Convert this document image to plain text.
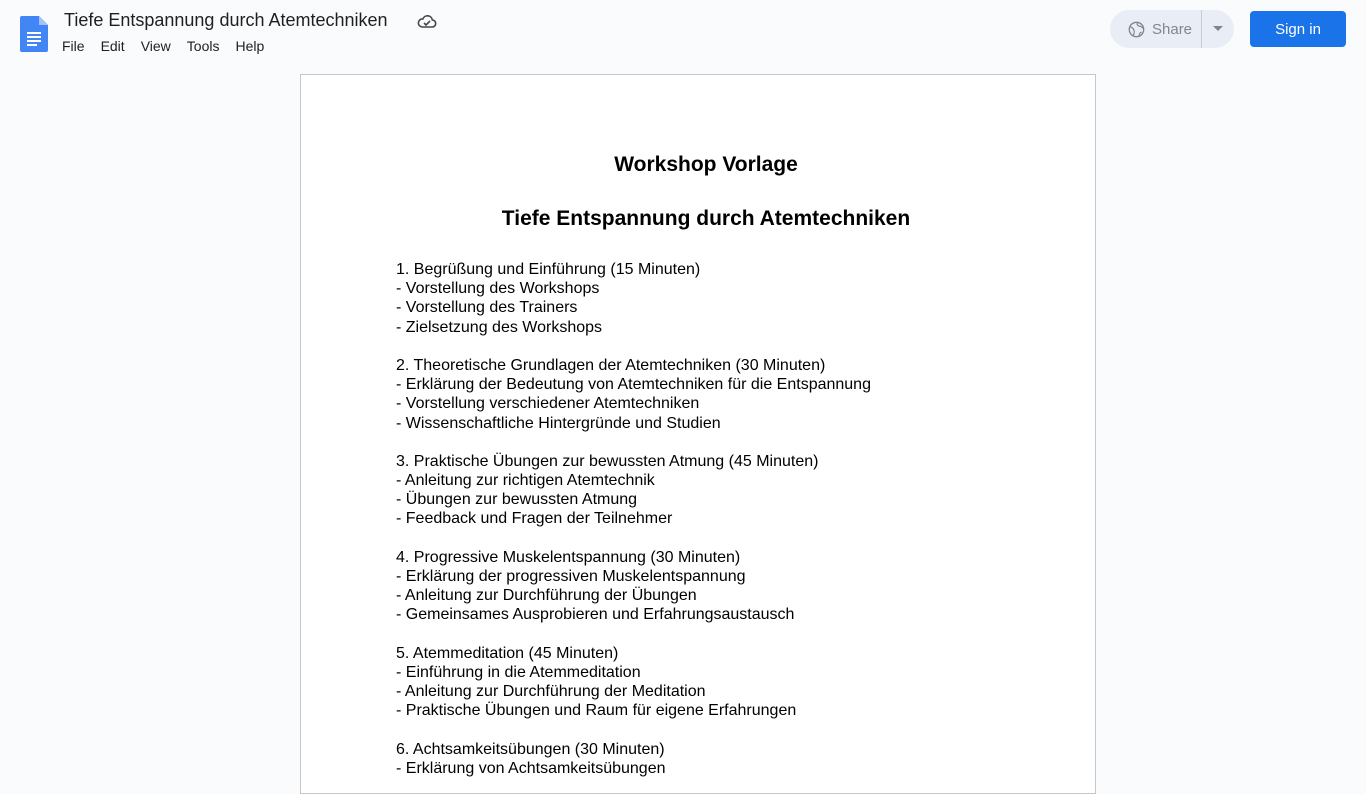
Tiefe Entspannung durch Atemtechniken
File	Edit	View	Tools	Help
Share	Sign in
Workshop Vorlage
Tiefe Entspannung durch Atemtechniken
1. Begrüßung und Einführung (15 Minuten)
- Vorstellung des Workshops
- Vorstellung des Trainers
- Zielsetzung des Workshops
2. Theoretische Grundlagen der Atemtechniken (30 Minuten)
- Erklärung der Bedeutung von Atemtechniken für die Entspannung
- Vorstellung verschiedener Atemtechniken
- Wissenschaftliche Hintergründe und Studien
3. Praktische Übungen zur bewussten Atmung (45 Minuten)
- Anleitung zur richtigen Atemtechnik
- Übungen zur bewussten Atmung
- Feedback und Fragen der Teilnehmer
4. Progressive Muskelentspannung (30 Minuten)
- Erklärung der progressiven Muskelentspannung
- Anleitung zur Durchführung der Übungen
- Gemeinsames Ausprobieren und Erfahrungsaustausch
5. Atemmeditation (45 Minuten)
- Einführung in die Atemmeditation
- Anleitung zur Durchführung der Meditation
- Praktische Übungen und Raum für eigene Erfahrungen
6. Achtsamkeitsübungen (30 Minuten)
- Erklärung von Achtsamkeitsübungen
